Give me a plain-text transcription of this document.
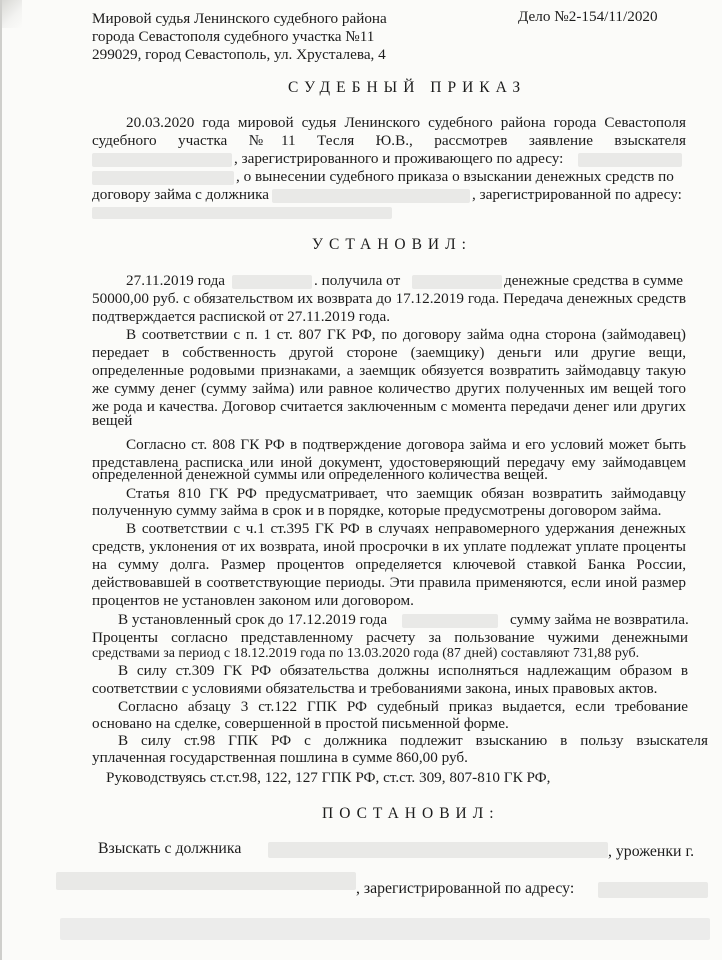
Мировой судья Ленинского судебного района
города Севастополя судебного участка №11
299029, город Севастополь, ул. Хрусталева, 4
Дело №2-154/11/2020
СУДЕБНЫЙ ПРИКАЗ
20.03.2020 года мировой судья Ленинского судебного района города Севастополя
судебного участка №11 Тесля Ю.В., рассмотрев заявление взыскателя
, зарегистрированного и проживающего по адресу:
, о вынесении судебного приказа о взыскании денежных средств по
договору займа с должника	, зарегистрированной по адресу:
УСТАНОВИЛ:
27.11.2019 года	. получила от	денежные средства в сумме
50000,00 руб. с обязательством их возврата до 17.12.2019 года. Передача денежных средств
подтверждается распиской от 27.11.2019 года.
В соответствии с п. 1 ст. 807 ГК РФ, по договору займа одна сторона (займодавец)
передает в собственность другой стороне (заемщику) деньги или другие вещи,
определенные родовыми признаками, а заемщик обязуется возвратить займодавцу такую
же сумму денег (сумму займа) или равное количество других полученных им вещей того
же рода и качества. Договор считается заключенным с момента передачи денег или других
вещей
Согласно ст. 808 ГК РФ в подтверждение договора займа и его условий может быть
представлена расписка или иной документ, удостоверяющий передачу ему займодавцем
определенной денежной суммы или определенного количества вещей.
Статья 810 ГК РФ предусматривает, что заемщик обязан возвратить займодавцу
полученную сумму займа в срок и в порядке, которые предусмотрены договором займа.
В соответствии с ч.1 ст.395 ГК РФ в случаях неправомерного удержания денежных
средств, уклонения от их возврата, иной просрочки в их уплате подлежат уплате проценты
на сумму долга. Размер процентов определяется ключевой ставкой Банка России,
действовавшей в соответствующие периоды. Эти правила применяются, если иной размер
процентов не установлен законом или договором.
В установленный срок до 17.12.2019 года	сумму займа не возвратила.
Проценты согласно представленному расчету за пользование чужими денежными
средствами за период с 18.12.2019 года по 13.03.2020 года (87 дней) составляют 731,88 руб.
В силу ст.309 ГК РФ обязательства должны исполняться надлежащим образом в
соответствии с условиями обязательства и требованиями закона, иных правовых актов.
Согласно абзацу 3 ст.122 ГПК РФ судебный приказ выдается, если требование
основано на сделке, совершенной в простой письменной форме.
В силу ст.98 ГПК РФ с должника подлежит взысканию в пользу взыскателя
уплаченная государственная пошлина в сумме 860,00 руб.
Руководствуясь ст.ст.98, 122, 127 ГПК РФ, ст.ст. 309, 807-810 ГК РФ,
ПОСТАНОВИЛ:
Взыскать с должника	, уроженки г.
, зарегистрированной по адресу:
